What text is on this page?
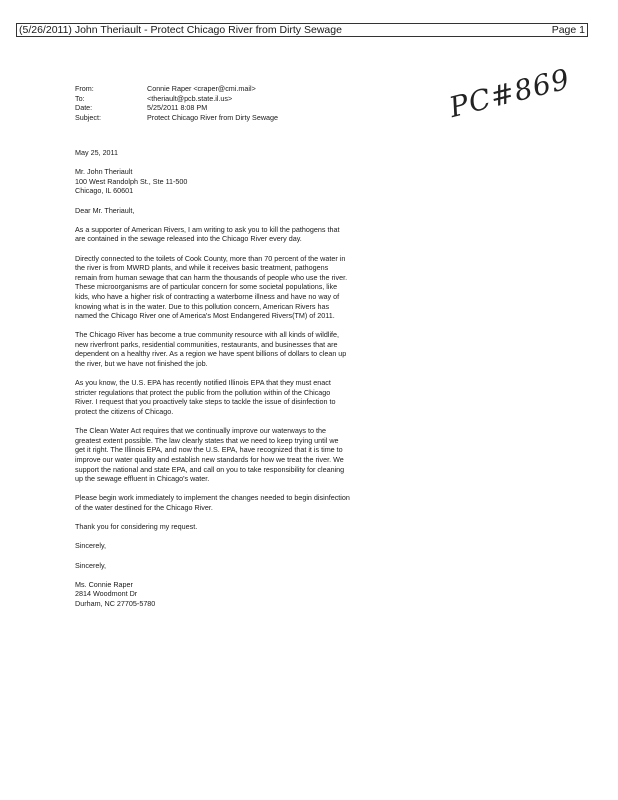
(5/26/2011) John Theriault - Protect Chicago River from Dirty Sewage	Page 1
From:	Connie Raper <craper@cmi.mail>
To:	<theriault@pcb.state.il.us>
Date:	5/25/2011 8:08 PM
Subject:	Protect Chicago River from Dirty Sewage	PC#869

May 25, 2011

Mr. John Theriault

100 West Randolph St., Ste 11-500

Chicago, IL 60601

Dear Mr. Theriault,

As a supporter of American Rivers, I am writing to ask you to kill the pathogens that are contained in the sewage released into the Chicago River every day.

Directly connected to the toilets of Cook County, more than 70 percent of the water in the river is from MWRD plants, and while it receives basic treatment, pathogens remain from human sewage that can harm the thousands of people who use the river. These microorganisms are of particular concern for some societal populations, like kids, who have a higher risk of contracting a waterborne illness and have no way of knowing what is in the water. Due to this pollution concern, American Rivers has named the Chicago River one of America's Most Endangered Rivers(TM) of 2011.

The Chicago River has become a true community resource with all kinds of wildlife, new riverfront parks, residential communities, restaurants, and businesses that are dependent on a healthy river. As a region we have spent billions of dollars to clean up the river, but we have not finished the job.

As you know, the U.S. EPA has recently notified Illinois EPA that they must enact stricter regulations that protect the public from the pollution within of the Chicago River. I request that you proactively take steps to tackle the issue of disinfection to protect the citizens of Chicago.

The Clean Water Act requires that we continually improve our waterways to the greatest extent possible. The law clearly states that we need to keep trying until we get it right. The Illinois EPA, and now the U.S. EPA, have recognized that it is time to improve our water quality and establish new standards for how we treat the river. We support the national and state EPA, and call on you to take responsibility for cleaning up the sewage effluent in Chicago's water.

Please begin work immediately to implement the changes needed to begin disinfection of the water destined for the Chicago River.

Thank you for considering my request.

Sincerely,

Sincerely,

Ms. Connie Raper

2814 Woodmont Dr

Durham, NC 27705-5780
